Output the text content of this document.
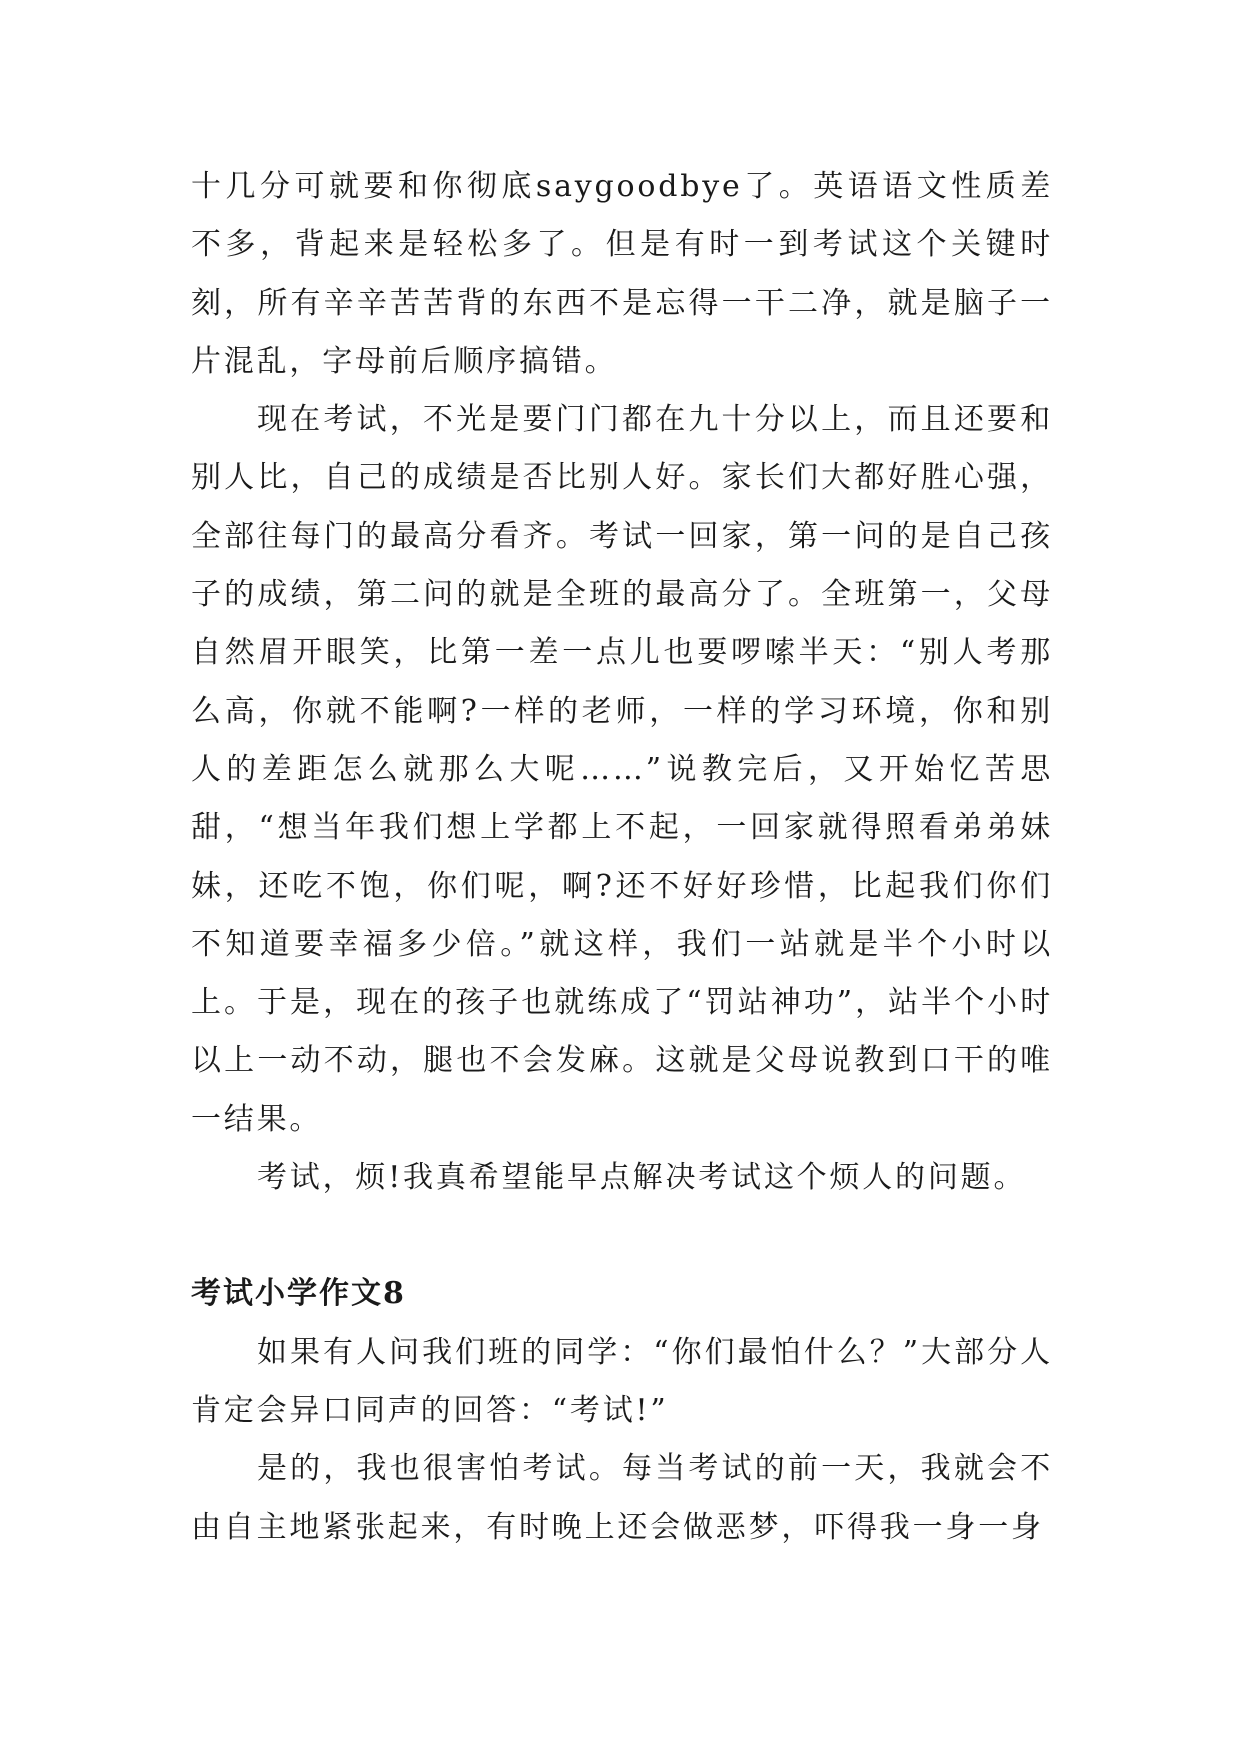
十几分可就要和你彻底saygoodbye了。英语语文性质差不多，背起来是轻松多了。但是有时一到考试这个关键时刻，所有辛辛苦苦背的东西不是忘得一干二净，就是脑子一片混乱，字母前后顺序搞错。

现在考试，不光是要门门都在九十分以上，而且还要和别人比，自己的成绩是否比别人好。家长们大都好胜心强，全部往每门的最高分看齐。考试一回家，第一问的是自己孩子的成绩，第二问的就是全班的最高分了。全班第一，父母自然眉开眼笑，比第一差一点儿也要啰嗦半天：“别人考那么高，你就不能啊?一样的老师，一样的学习环境，你和别人的差距怎么就那么大呢……”说教完后，又开始忆苦思甜，“想当年我们想上学都上不起，一回家就得照看弟弟妹妹，还吃不饱，你们呢，啊?还不好好珍惜，比起我们你们不知道要幸福多少倍。”就这样，我们一站就是半个小时以上。于是，现在的孩子也就练成了“罚站神功”，站半个小时以上一动不动，腿也不会发麻。这就是父母说教到口干的唯一结果。

考试，烦!我真希望能早点解决考试这个烦人的问题。

考试小学作文8

如果有人问我们班的同学：“你们最怕什么？”大部分人肯定会异口同声的回答：“考试!”

是的，我也很害怕考试。每当考试的前一天，我就会不由自主地紧张起来，有时晚上还会做恶梦，吓得我一身一身
